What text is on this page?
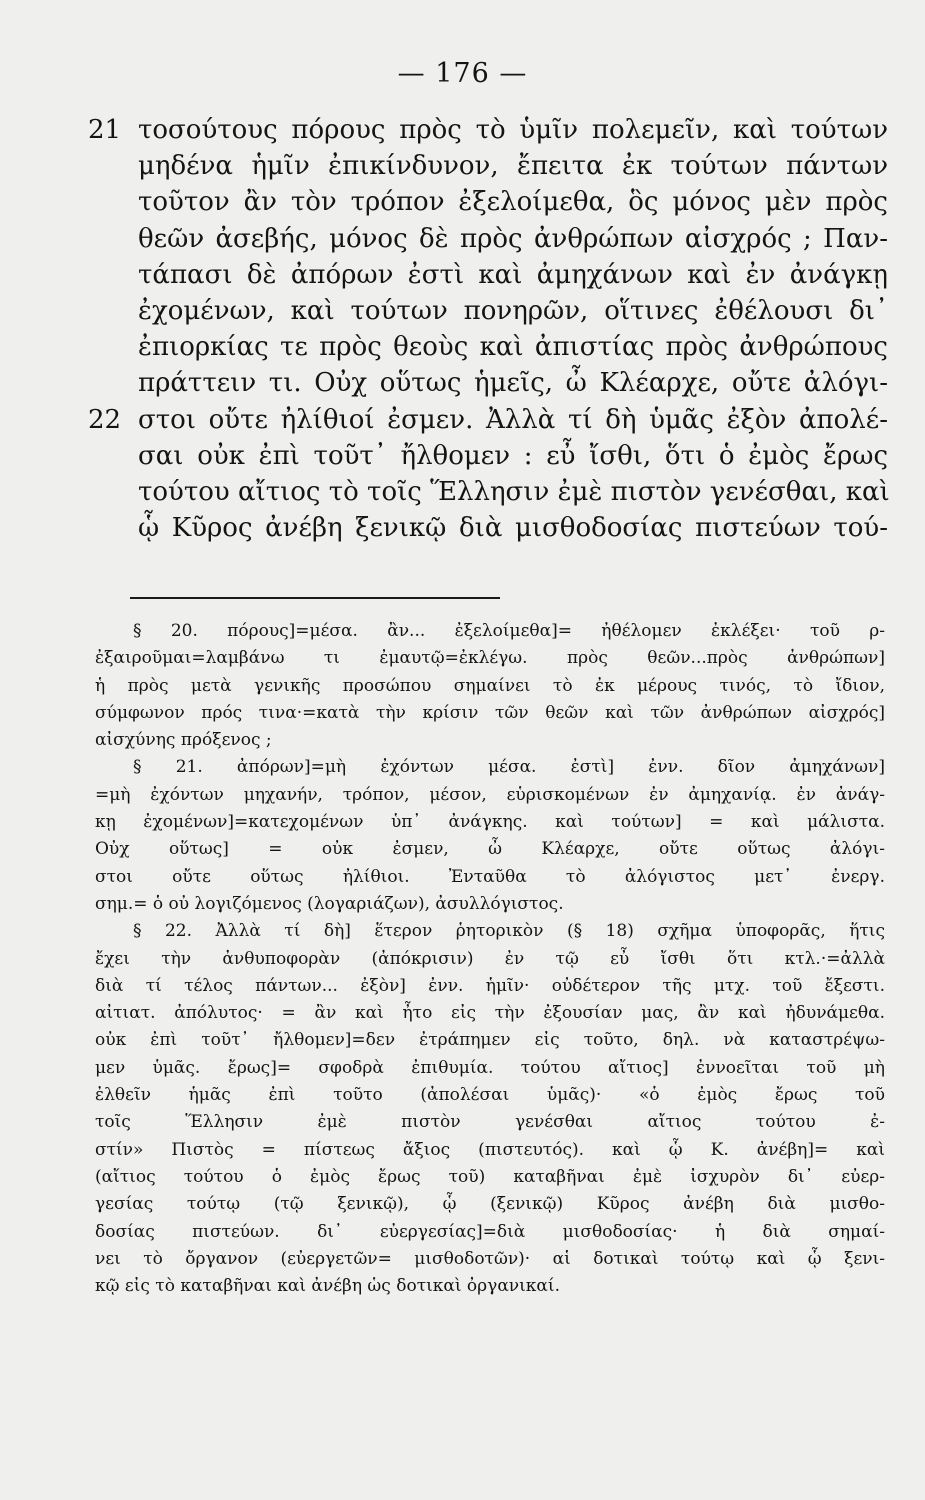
— 176 —
21 τοσούτους πόρους πρὸς τὸ ὑμῖν πολεμεῖν, καὶ τούτων
μηδένα ἡμῖν ἐπικίνδυνον, ἔπειτα ἐκ τούτων πάντων
τοῦτον ἂν τὸν τρόπον ἐξελοίμεθα, ὃς μόνος μὲν πρὸς
θεῶν ἀσεβής, μόνος δὲ πρὸς ἀνθρώπων αἰσχρός ; Παν-
τάπασι δὲ ἀπόρων ἐστὶ καὶ ἀμηχάνων καὶ ἐν ἀνάγκῃ
ἐχομένων, καὶ τούτων πονηρῶν, οἵτινες ἐθέλουσι δι᾽
ἐπιορκίας τε πρὸς θεοὺς καὶ ἀπιστίας πρὸς ἀνθρώπους
πράττειν τι. Οὐχ οὕτως ἡμεῖς, ὦ Κλέαρχε, οὔτε ἀλόγι-
22 στοι οὔτε ἠλίθιοί ἐσμεν. Ἀλλὰ τί δὴ ὑμᾶς ἐξὸν ἀπολέ-
σαι οὐκ ἐπὶ τοῦτ᾽ ἤλθομεν : εὖ ἴσθι, ὅτι ὁ ἐμὸς ἔρως
τούτου αἴτιος τὸ τοῖς Ἕλλησιν ἐμὲ πιστὸν γενέσθαι, καὶ
ᾧ Κῦρος ἀνέβη ξενικῷ διὰ μισθοδοσίας πιστεύων τού-
§ 20. πόρους]=μέσα. ἂν... ἐξελοίμεθα]= ἠθέλομεν ἐκλέξει· τοῦ ρ-
ἐξαιροῦμαι=λαμβάνω τι ἐμαυτῷ=ἐκλέγω. πρὸς θεῶν...πρὸς ἀνθρώπων]
ἡ πρὸς μετὰ γενικῆς προσώπου σημαίνει τὸ ἐκ μέρους τινός, τὸ ἴδιον,
σύμφωνον πρός τινα·=κατὰ τὴν κρίσιν τῶν θεῶν καὶ τῶν ἀνθρώπων αἰσχρός]
αἰσχύνης πρόξενος ;
§ 21. ἀπόρων]=μὴ ἐχόντων μέσα. ἐστὶ] ἐνν. δῖον ἀμηχάνων]
=μὴ ἐχόντων μηχανήν, τρόπον, μέσον, εὑρισκομένων ἐν ἀμηχανίᾳ. ἐν ἀνάγ-
κῃ ἐχομένων]=κατεχομένων ὑπ᾽ ἀνάγκης. καὶ τούτων] = καὶ μάλιστα.
Οὐχ οὕτως] = οὐκ ἐσμεν, ὦ Κλέαρχε, οὔτε οὕτως ἀλόγι-
στοι οὔτε οὕτως ἠλίθιοι. Ἐνταῦθα τὸ ἀλόγιστος μετ᾽ ἐνεργ.
σημ.= ὁ οὐ λογιζόμενος (λογαριάζων), ἀσυλλόγιστος.
§ 22. Ἀλλὰ τί δὴ] ἕτερον ῥητορικὸν (§ 18) σχῆμα ὑποφορᾶς, ἥτις
ἔχει τὴν ἀνθυποφορὰν (ἀπόκρισιν) ἐν τῷ εὖ ἴσθι ὅτι κτλ.·=ἀλλὰ
διὰ τί τέλος πάντων... ἐξὸν] ἐνν. ἡμῖν· οὐδέτερον τῆς μτχ. τοῦ ἔξεστι.
αἰτιατ. ἀπόλυτος· = ἂν καὶ ἦτο εἰς τὴν ἐξουσίαν μας, ἂν καὶ ἠδυνάμεθα.
οὐκ ἐπὶ τοῦτ᾽ ἤλθομεν]=δεν ἐτράπημεν εἰς τοῦτο, δηλ. νὰ καταστρέψω-
μεν ὑμᾶς. ἔρως]= σφοδρὰ ἐπιθυμία. τούτου αἴτιος] ἐννοεῖται τοῦ μὴ
ἐλθεῖν ἡμᾶς ἐπὶ τοῦτο (ἀπολέσαι ὑμᾶς)· «ὁ ἐμὸς ἔρως τοῦ
τοῖς Ἕλλησιν ἐμὲ πιστὸν γενέσθαι αἴτιος τούτου ἐ-
στίν» Πιστὸς = πίστεως ἄξιος (πιστευτός). καὶ ᾧ Κ. ἀνέβη]= καὶ
(αἴτιος τούτου ὁ ἐμὸς ἔρως τοῦ) καταβῆναι ἐμὲ ἰσχυρὸν δι᾽ εὐερ-
γεσίας τούτῳ (τῷ ξενικῷ), ᾧ (ξενικῷ) Κῦρος ἀνέβη διὰ μισθο-
δοσίας πιστεύων. δι᾽ εὐεργεσίας]=διὰ μισθοδοσίας· ἡ διὰ σημαί-
νει τὸ ὄργανον (εὐεργετῶν= μισθοδοτῶν)· αἱ δοτικαὶ τούτῳ καὶ ᾧ ξενι-
κῷ εἰς τὸ καταβῆναι καὶ ἀνέβη ὡς δοτικαὶ ὀργανικαί.
